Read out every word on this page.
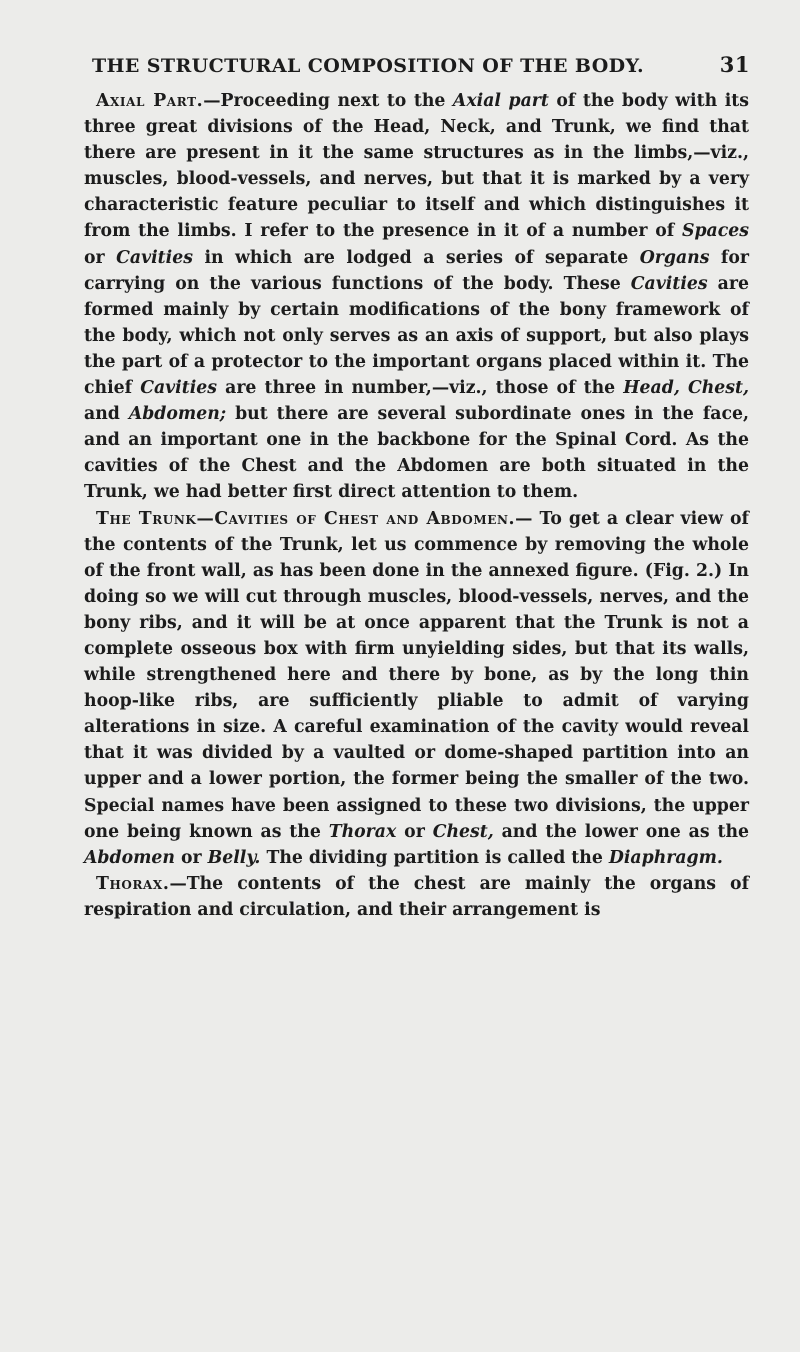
THE STRUCTURAL COMPOSITION OF THE BODY.	31

Axial Part.—Proceeding next to the Axial part of the body with its three great divisions of the Head, Neck, and Trunk, we find that there are present in it the same structures as in the limbs,—viz., muscles, blood-vessels, and nerves, but that it is marked by a very characteristic feature peculiar to itself and which distinguishes it from the limbs. I refer to the presence in it of a number of Spaces or Cavities in which are lodged a series of separate Organs for carrying on the various functions of the body. These Cavities are formed mainly by certain modifications of the bony framework of the body, which not only serves as an axis of support, but also plays the part of a protector to the important organs placed within it. The chief Cavities are three in number,—viz., those of the Head, Chest, and Abdomen; but there are several subordinate ones in the face, and an important one in the backbone for the Spinal Cord. As the cavities of the Chest and the Abdomen are both situated in the Trunk, we had better first direct attention to them.

The Trunk—Cavities of Chest and Abdomen.— To get a clear view of the contents of the Trunk, let us commence by removing the whole of the front wall, as has been done in the annexed figure. (Fig. 2.) In doing so we will cut through muscles, blood-vessels, nerves, and the bony ribs, and it will be at once apparent that the Trunk is not a complete osseous box with firm unyielding sides, but that its walls, while strengthened here and there by bone, as by the long thin hoop-like ribs, are sufficiently pliable to admit of varying alterations in size. A careful examination of the cavity would reveal that it was divided by a vaulted or dome-shaped partition into an upper and a lower portion, the former being the smaller of the two. Special names have been assigned to these two divisions, the upper one being known as the Thorax or Chest, and the lower one as the Abdomen or Belly. The dividing partition is called the Diaphragm.

Thorax.—The contents of the chest are mainly the organs of respiration and circulation, and their arrangement is
